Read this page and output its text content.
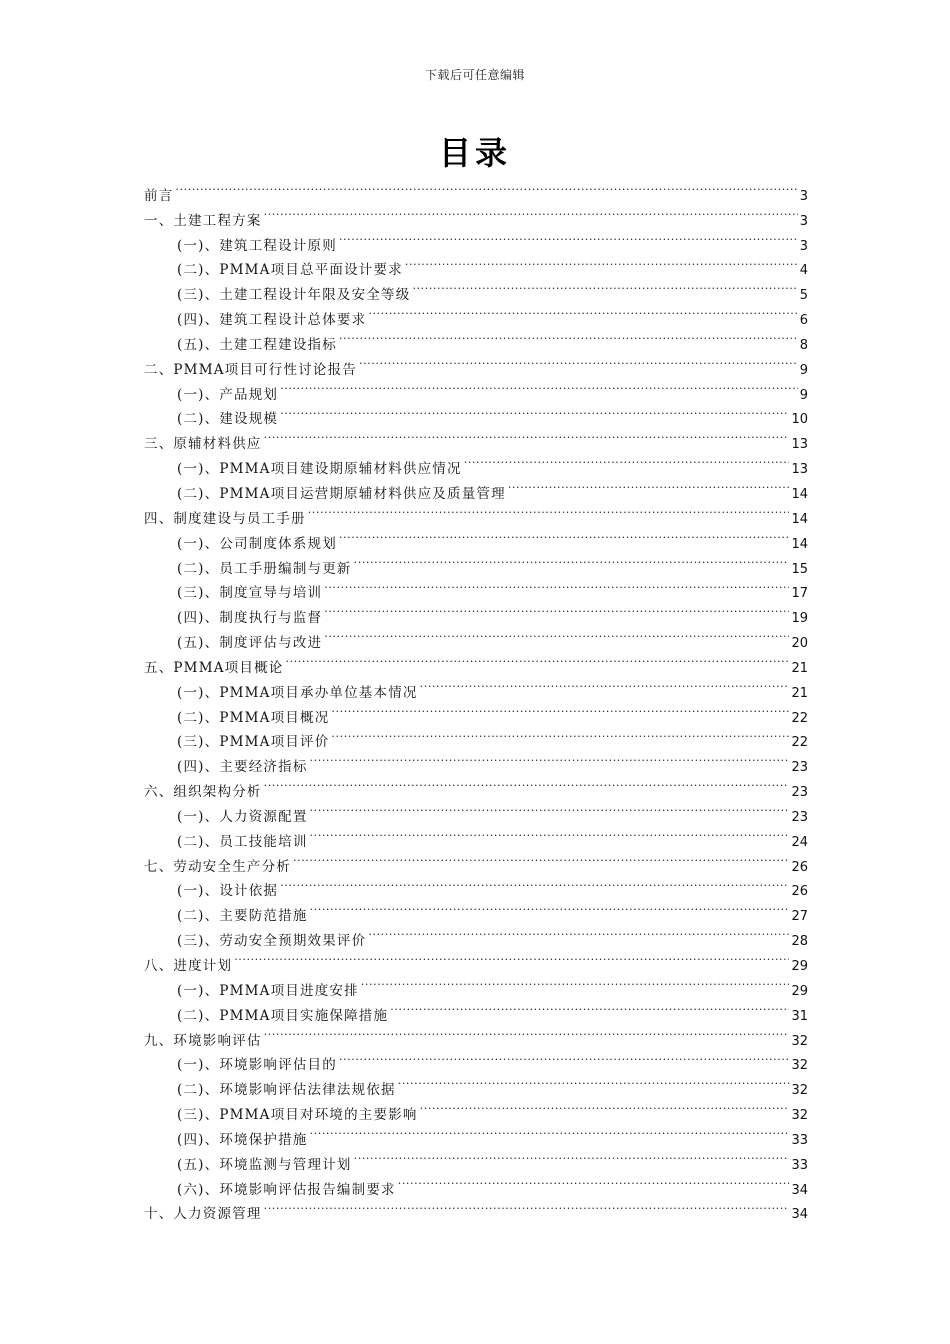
下载后可任意编辑
目录
前言 .....	3
一、土建工程方案 .....	3
(一)、建筑工程设计原则 .....	3
(二)、PMMA项目总平面设计要求 .....	4
(三)、土建工程设计年限及安全等级 .....	5
(四)、建筑工程设计总体要求 .....	6
(五)、土建工程建设指标 .....	8
二、PMMA项目可行性讨论报告 .....	9
(一)、产品规划 .....	9
(二)、建设规模 .....	10
三、原辅材料供应 .....	13
(一)、PMMA项目建设期原辅材料供应情况 .....	13
(二)、PMMA项目运营期原辅材料供应及质量管理 .....	14
四、制度建设与员工手册 .....	14
(一)、公司制度体系规划 .....	14
(二)、员工手册编制与更新 .....	15
(三)、制度宣导与培训 .....	17
(四)、制度执行与监督 .....	19
(五)、制度评估与改进 .....	20
五、PMMA项目概论 .....	21
(一)、PMMA项目承办单位基本情况 .....	21
(二)、PMMA项目概况 .....	22
(三)、PMMA项目评价 .....	22
(四)、主要经济指标 .....	23
六、组织架构分析 .....	23
(一)、人力资源配置 .....	23
(二)、员工技能培训 .....	24
七、劳动安全生产分析 .....	26
(一)、设计依据 .....	26
(二)、主要防范措施 .....	27
(三)、劳动安全预期效果评价 .....	28
八、进度计划 .....	29
(一)、PMMA项目进度安排 .....	29
(二)、PMMA项目实施保障措施 .....	31
九、环境影响评估 .....	32
(一)、环境影响评估目的 .....	32
(二)、环境影响评估法律法规依据 .....	32
(三)、PMMA项目对环境的主要影响 .....	32
(四)、环境保护措施 .....	33
(五)、环境监测与管理计划 .....	33
(六)、环境影响评估报告编制要求 .....	34
十、人力资源管理 .....	34
